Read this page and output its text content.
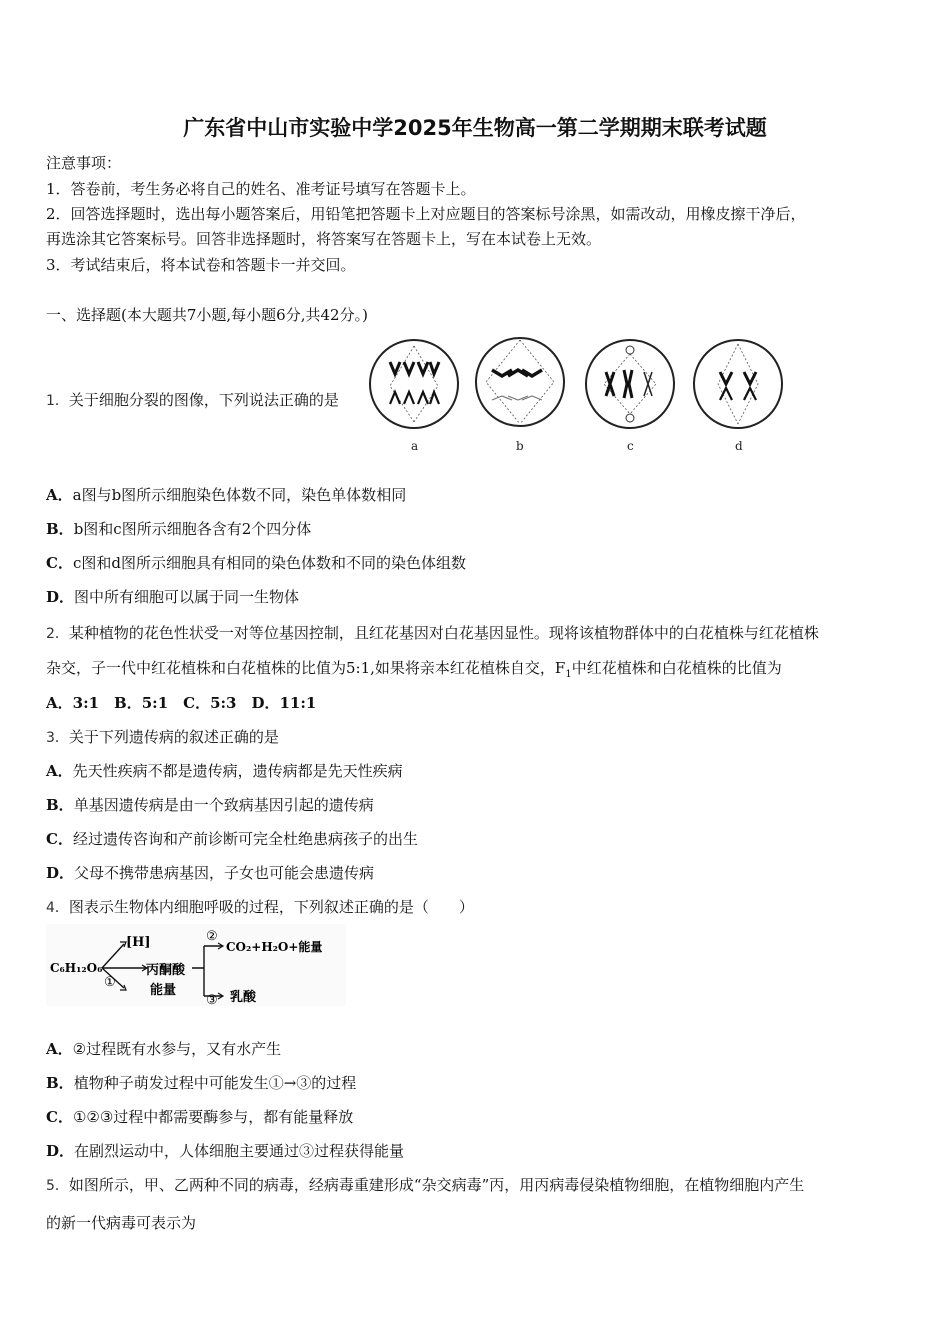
广东省中山市实验中学2025年生物高一第二学期期末联考试题
注意事项：
1．答卷前，考生务必将自己的姓名、准考证号填写在答题卡上。
2．回答选择题时，选出每小题答案后，用铅笔把答题卡上对应题目的答案标号涂黑，如需改动，用橡皮擦干净后，
再选涂其它答案标号。回答非选择题时，将答案写在答题卡上，写在本试卷上无效。
3．考试结束后，将本试卷和答题卡一并交回。
一、选择题(本大题共7小题,每小题6分,共42分。)
1．关于细胞分裂的图像，下列说法正确的是
a	b	c	d
A．a图与b图所示细胞染色体数不同，染色单体数相同
B．b图和c图所示细胞各含有2个四分体
C．c图和d图所示细胞具有相同的染色体数和不同的染色体组数
D．图中所有细胞可以属于同一生物体
2．某种植物的花色性状受一对等位基因控制，且红花基因对白花基因显性。现将该植物群体中的白花植株与红花植株
杂交，子一代中红花植株和白花植株的比值为5:1,如果将亲本红花植株自交，$F_1$中红花植株和白花植株的比值为
A．3:1　B．5:1　C．5:3　D．11:1
3．关于下列遗传病的叙述正确的是
A．先天性疾病不都是遗传病，遗传病都是先天性疾病
B．单基因遗传病是由一个致病基因引起的遗传病
C．经过遗传咨询和产前诊断可完全杜绝患病孩子的出生
D．父母不携带患病基因，子女也可能会患遗传病
4．图表示生物体内细胞呼吸的过程，下列叙述正确的是（　　）
C₆H₁₂O₆
[H]
丙酮酸
能量
①
②
③
CO₂+H₂O+能量
乳酸
A．②过程既有水参与，又有水产生
B．植物种子萌发过程中可能发生①→③的过程
C．①②③过程中都需要酶参与，都有能量释放
D．在剧烈运动中，人体细胞主要通过③过程获得能量
5．如图所示，甲、乙两种不同的病毒，经病毒重建形成“杂交病毒”丙，用丙病毒侵染植物细胞，在植物细胞内产生
的新一代病毒可表示为
